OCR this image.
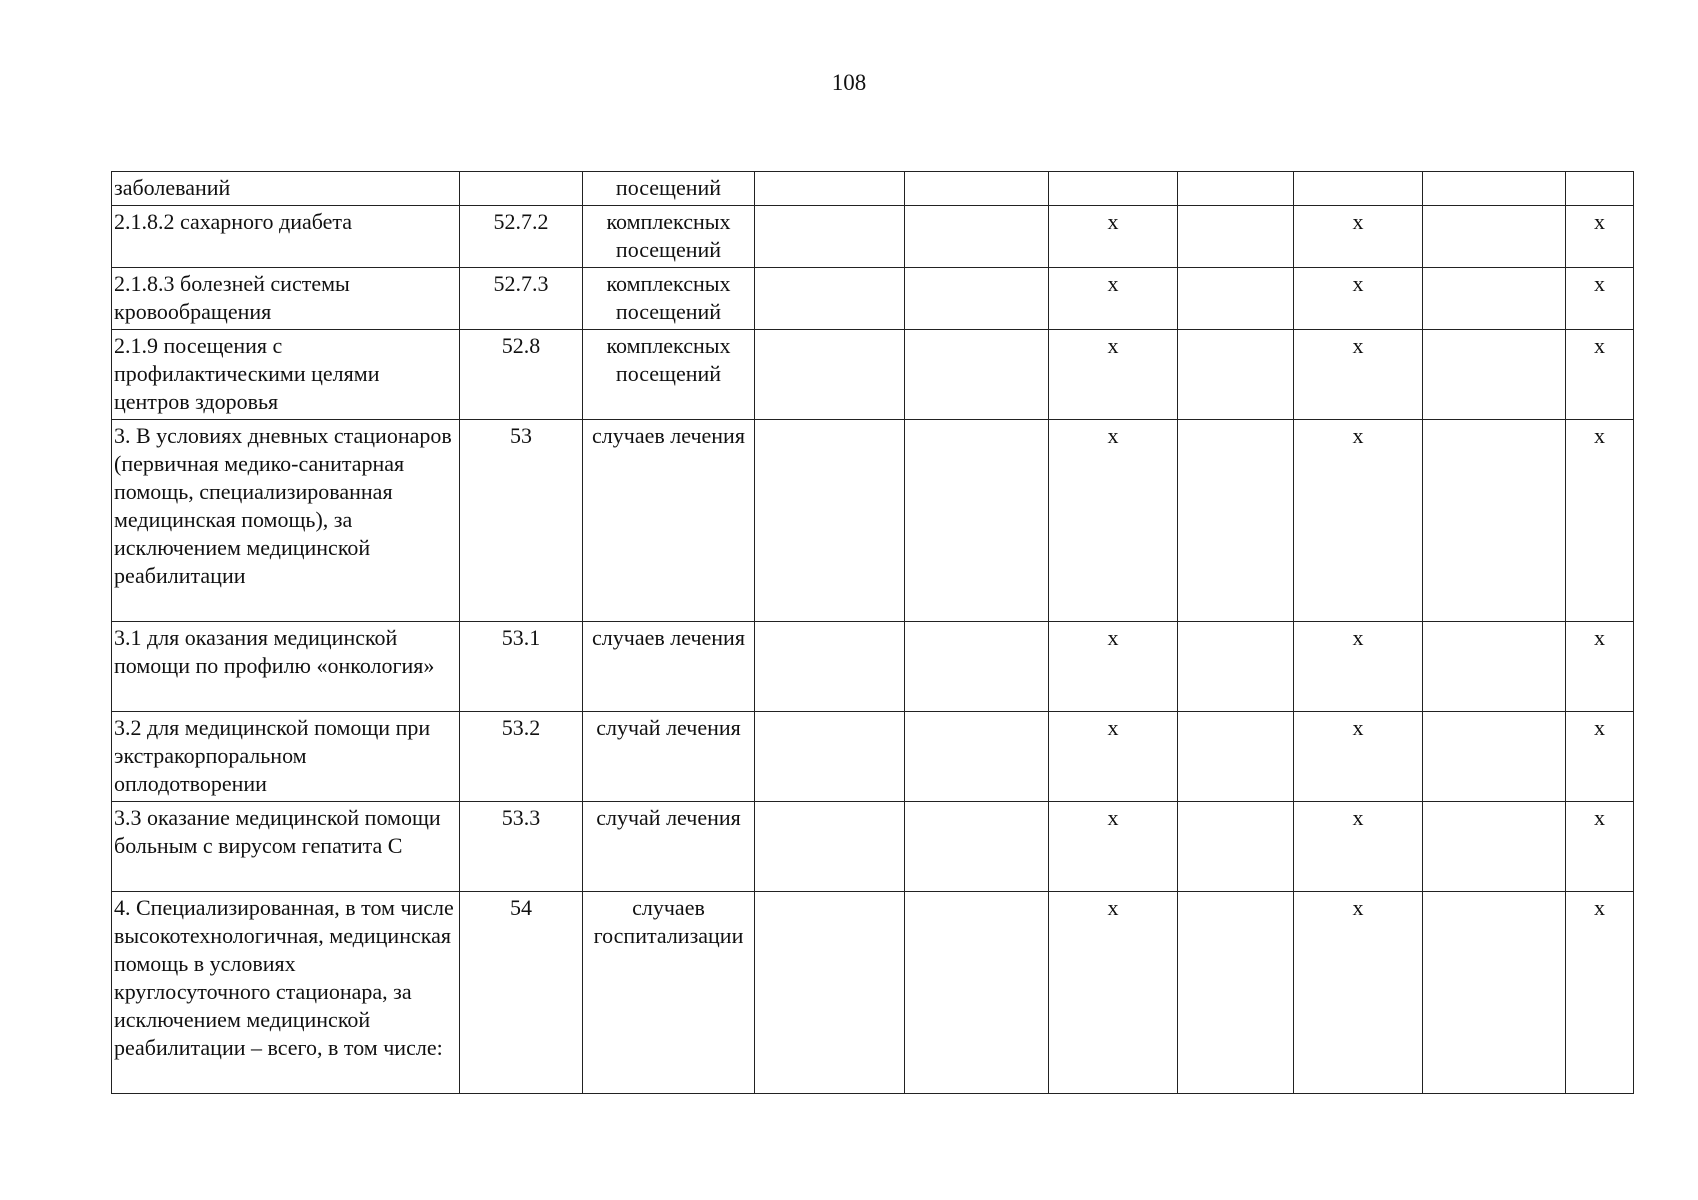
108
заболеваний		посещений							
2.1.8.2 сахарного диабета	52.7.2	комплексных посещений			x		x		x
2.1.8.3 болезней системы кровообращения	52.7.3	комплексных посещений			x		x		x
2.1.9 посещения с профилактическими целями центров здоровья	52.8	комплексных посещений			x		x		x
3. В условиях дневных стационаров (первичная медико-санитарная помощь, специализированная медицинская помощь), за исключением медицинской реабилитации	53	случаев лечения			x		x		x
3.1 для оказания медицинской помощи по профилю «онкология»	53.1	случаев лечения			x		x		x
3.2 для медицинской помощи при экстракорпоральном оплодотворении	53.2	случай лечения			x		x		x
3.3 оказание медицинской помощи больным с вирусом гепатита С	53.3	случай лечения			x		x		x
4. Специализированная, в том числе высокотехнологичная, медицинская помощь в условиях круглосуточного стационара, за исключением медицинской реабилитации – всего, в том числе:	54	случаев госпитализации			x		x		x
